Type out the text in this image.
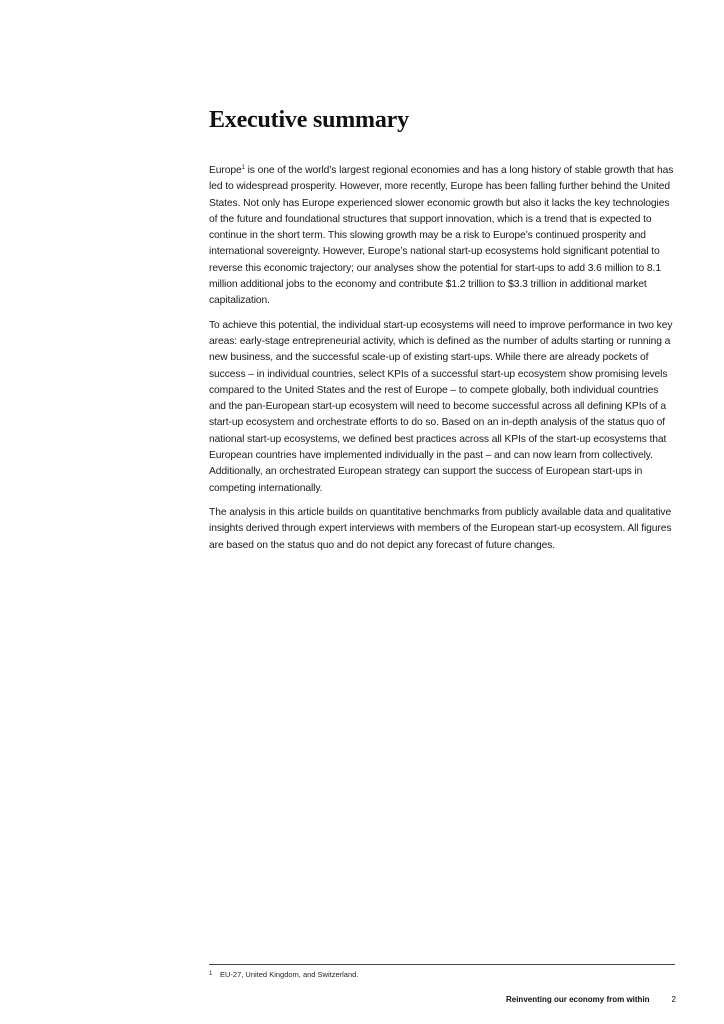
Executive summary

Europe$^1$ is one of the world’s largest regional economies and has a long history of stable growth that has led to widespread prosperity. However, more recently, Europe has been falling further behind the United States. Not only has Europe experienced slower economic growth but also it lacks the key technologies of the future and foundational structures that support innovation, which is a trend that is expected to continue in the short term. This slowing growth may be a risk to Europe’s continued prosperity and international sovereignty. However, Europe’s national start-up ecosystems hold significant potential to reverse this economic trajectory; our analyses show the potential for start-ups to add 3.6 million to 8.1 million additional jobs to the economy and contribute $1.2 trillion to $3.3 trillion in additional market capitalization.

To achieve this potential, the individual start-up ecosystems will need to improve performance in two key areas: early-stage entrepreneurial activity, which is defined as the number of adults starting or running a new business, and the successful scale-up of existing start-ups. While there are already pockets of success – in individual countries, select KPIs of a successful start-up ecosystem show promising levels compared to the United States and the rest of Europe – to compete globally, both individual countries and the pan-European start-up ecosystem will need to become successful across all defining KPIs of a start-up ecosystem and orchestrate efforts to do so. Based on an in-depth analysis of the status quo of national start-up ecosystems, we defined best practices across all KPIs of the start-up ecosystems that European countries have implemented individually in the past – and can now learn from collectively. Additionally, an orchestrated European strategy can support the success of European start-ups in competing internationally.

The analysis in this article builds on quantitative benchmarks from publicly available data and qualitative insights derived through expert interviews with members of the European start-up ecosystem. All figures are based on the status quo and do not depict any forecast of future changes.

1 EU-27, United Kingdom, and Switzerland.
Reinventing our economy from within	2
